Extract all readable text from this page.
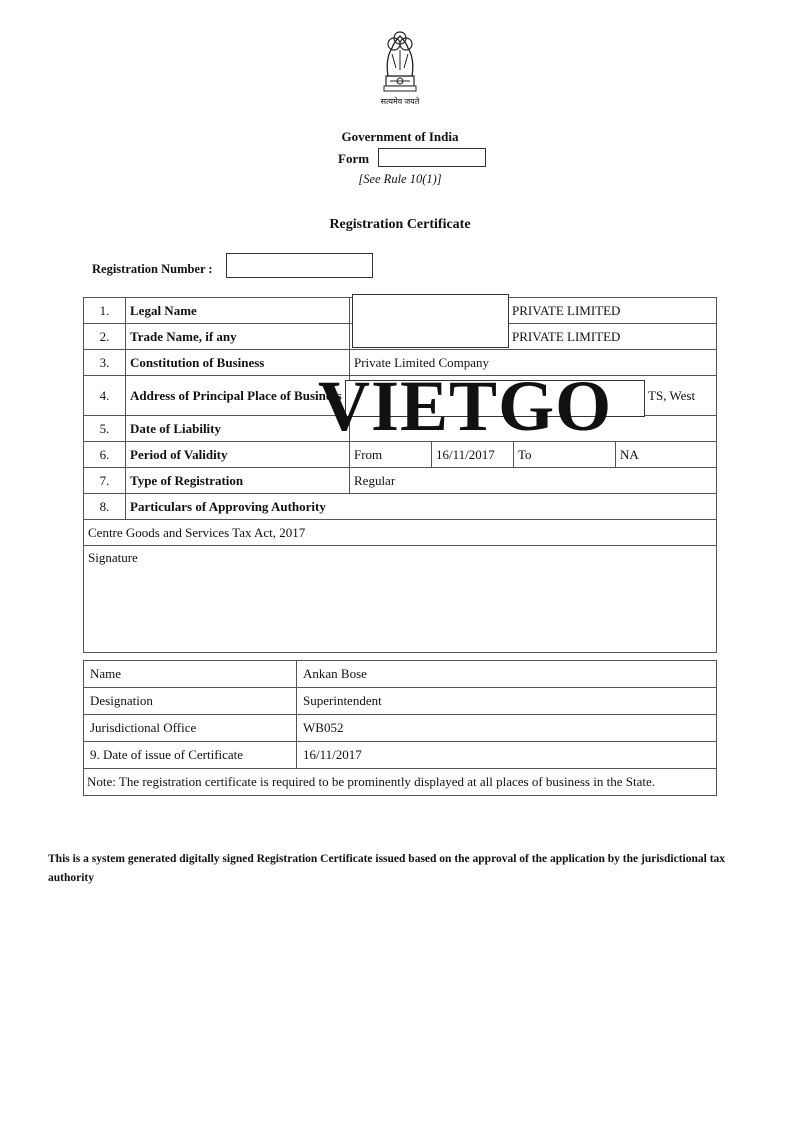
सत्यमेव जयते
Government of India
Form
[See Rule 10(1)]
Registration Certificate
Registration Number :
1.	Legal Name	PRIVATE LIMITED			
2.	Trade Name, if any	PRIVATE LIMITED			
3.	Constitution of Business	Private Limited Company			
4.	Address of Principal Place of Business	TS, West			
5.	Date of Liability				
6.	Period of Validity	From	16/11/2017	To	NA
7.	Type of Registration	Regular			
8.	Particulars of Approving Authority				
Centre Goods and Services Tax Act, 2017					
Signature					
Name	Ankan Bose
Designation	Superintendent
Jurisdictional Office	WB052
9. Date of issue of Certificate	16/11/2017
Note: The registration certificate is required to be prominently displayed at all places of business in the State.	
VIETGO
This is a system generated digitally signed Registration Certificate issued based on the approval of the application by the jurisdictional tax authority
